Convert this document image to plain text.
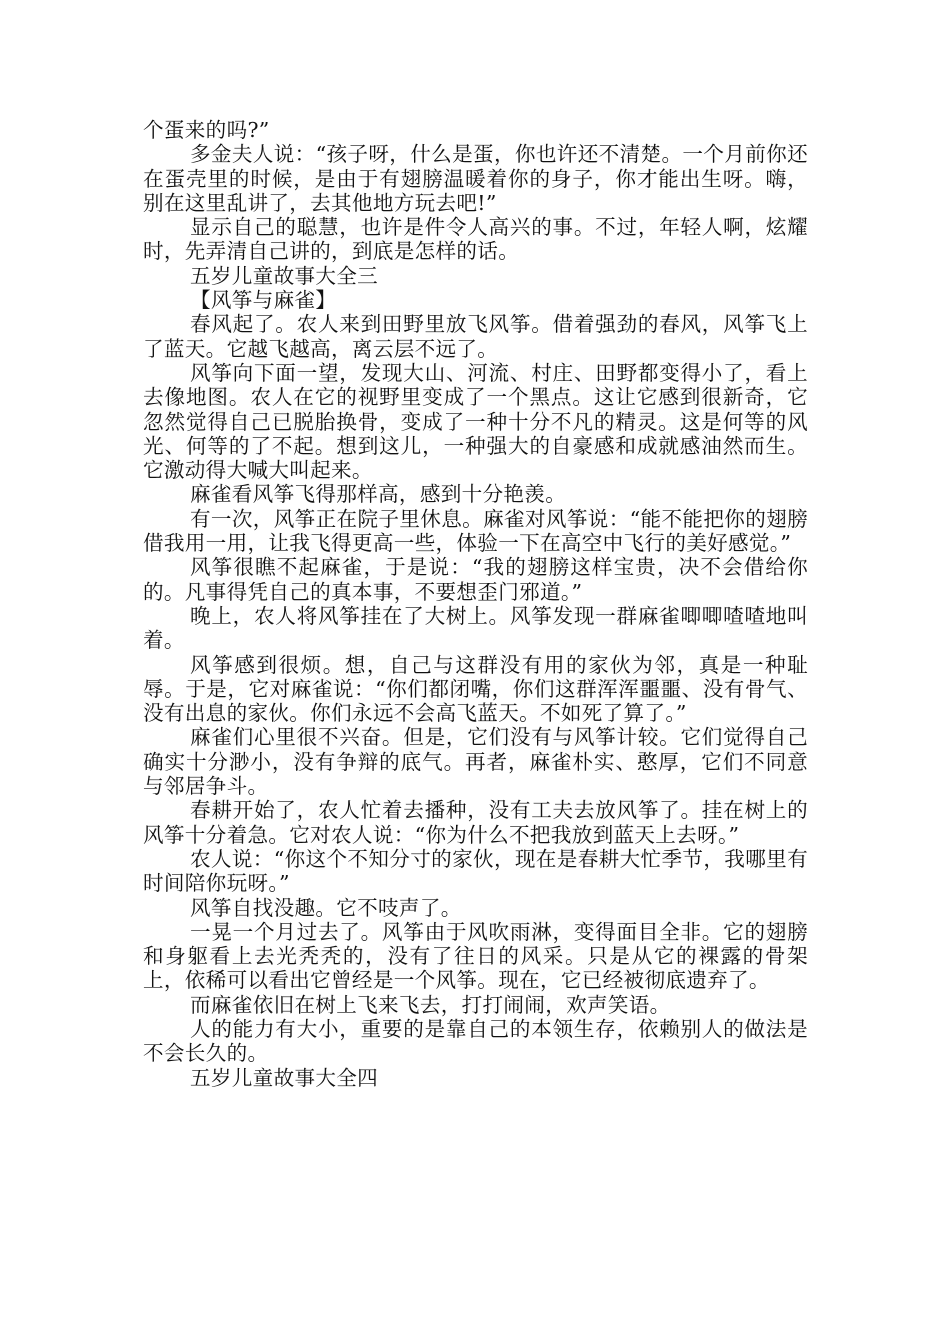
个蛋来的吗?”

多金夫人说：“孩子呀，什么是蛋，你也许还不清楚。一个月前你还在蛋壳里的时候，是由于有翅膀温暖着你的身子，你才能出生呀。嗨，别在这里乱讲了，去其他地方玩去吧!”

显示自己的聪慧，也许是件令人高兴的事。不过，年轻人啊，炫耀时，先弄清自己讲的，到底是怎样的话。

五岁儿童故事大全三

【风筝与麻雀】

春风起了。农人来到田野里放飞风筝。借着强劲的春风，风筝飞上了蓝天。它越飞越高，离云层不远了。

风筝向下面一望，发现大山、河流、村庄、田野都变得小了，看上去像地图。农人在它的视野里变成了一个黑点。这让它感到很新奇，它忽然觉得自己已脱胎换骨，变成了一种十分不凡的精灵。这是何等的风光、何等的了不起。想到这儿，一种强大的自豪感和成就感油然而生。它激动得大喊大叫起来。

麻雀看风筝飞得那样高，感到十分艳羡。

有一次，风筝正在院子里休息。麻雀对风筝说：“能不能把你的翅膀借我用一用，让我飞得更高一些，体验一下在高空中飞行的美好感觉。”

风筝很瞧不起麻雀，于是说：“我的翅膀这样宝贵，决不会借给你的。凡事得凭自己的真本事，不要想歪门邪道。”

晚上，农人将风筝挂在了大树上。风筝发现一群麻雀唧唧喳喳地叫着。

风筝感到很烦。想，自己与这群没有用的家伙为邻，真是一种耻辱。于是，它对麻雀说：“你们都闭嘴，你们这群浑浑噩噩、没有骨气、没有出息的家伙。你们永远不会高飞蓝天。不如死了算了。”

麻雀们心里很不兴奋。但是，它们没有与风筝计较。它们觉得自己确实十分渺小，没有争辩的底气。再者，麻雀朴实、憨厚，它们不同意与邻居争斗。

春耕开始了，农人忙着去播种，没有工夫去放风筝了。挂在树上的风筝十分着急。它对农人说：“你为什么不把我放到蓝天上去呀。”

农人说：“你这个不知分寸的家伙，现在是春耕大忙季节，我哪里有时间陪你玩呀。”

风筝自找没趣。它不吱声了。

一晃一个月过去了。风筝由于风吹雨淋，变得面目全非。它的翅膀和身躯看上去光秃秃的，没有了往日的风采。只是从它的裸露的骨架上，依稀可以看出它曾经是一个风筝。现在，它已经被彻底遗弃了。

而麻雀依旧在树上飞来飞去，打打闹闹，欢声笑语。

人的能力有大小，重要的是靠自己的本领生存，依赖别人的做法是不会长久的。

五岁儿童故事大全四
